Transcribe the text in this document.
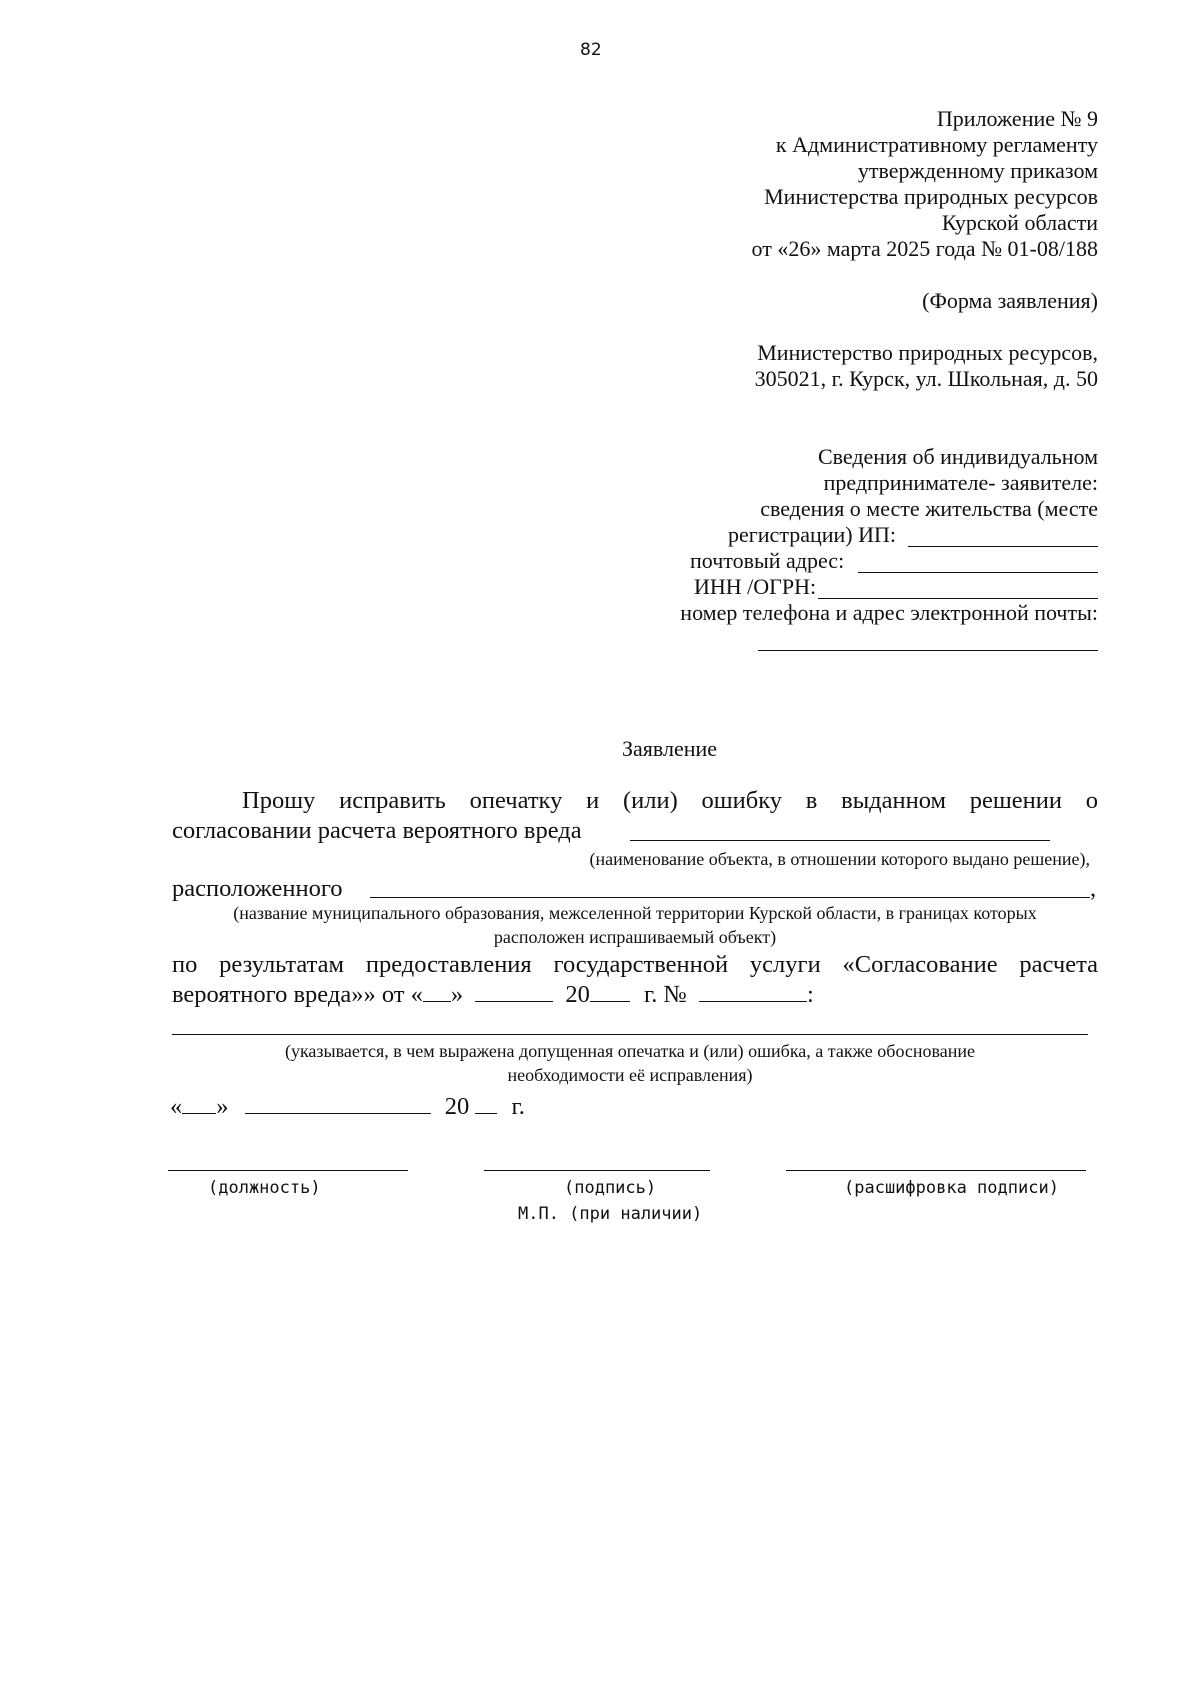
82
Приложение № 9
к Административному регламенту
утвержденному приказом
Министерства природных ресурсов
Курской области
от «26» марта 2025 года № 01-08/188
(Форма заявления)
Министерство природных ресурсов,
305021, г. Курск, ул. Школьная, д. 50
Сведения об индивидуальном
предпринимателе- заявителе:
сведения о месте жительства (месте
регистрации) ИП:
почтовый адрес:
ИНН /ОГРН:
номер телефона и адрес электронной почты:
Заявление
Прошу исправить опечатку и (или) ошибку в выданном решении о
согласовании расчета вероятного вреда
(наименование объекта, в отношении которого выдано решение),
расположенного	,
(название муниципального образования, межселенной территории Курской области, в границах которых
расположен испрашиваемый объект)
по результатам предоставления государственной услуги «Согласование расчета
вероятного вреда»» от « »	20 г. №	:
(указывается, в чем выражена допущенная опечатка и (или) ошибка, а также обоснование
необходимости её исправления)
« »	20 г.
(должность)	(подпись)	(расшифровка подписи)
М.П. (при наличии)
